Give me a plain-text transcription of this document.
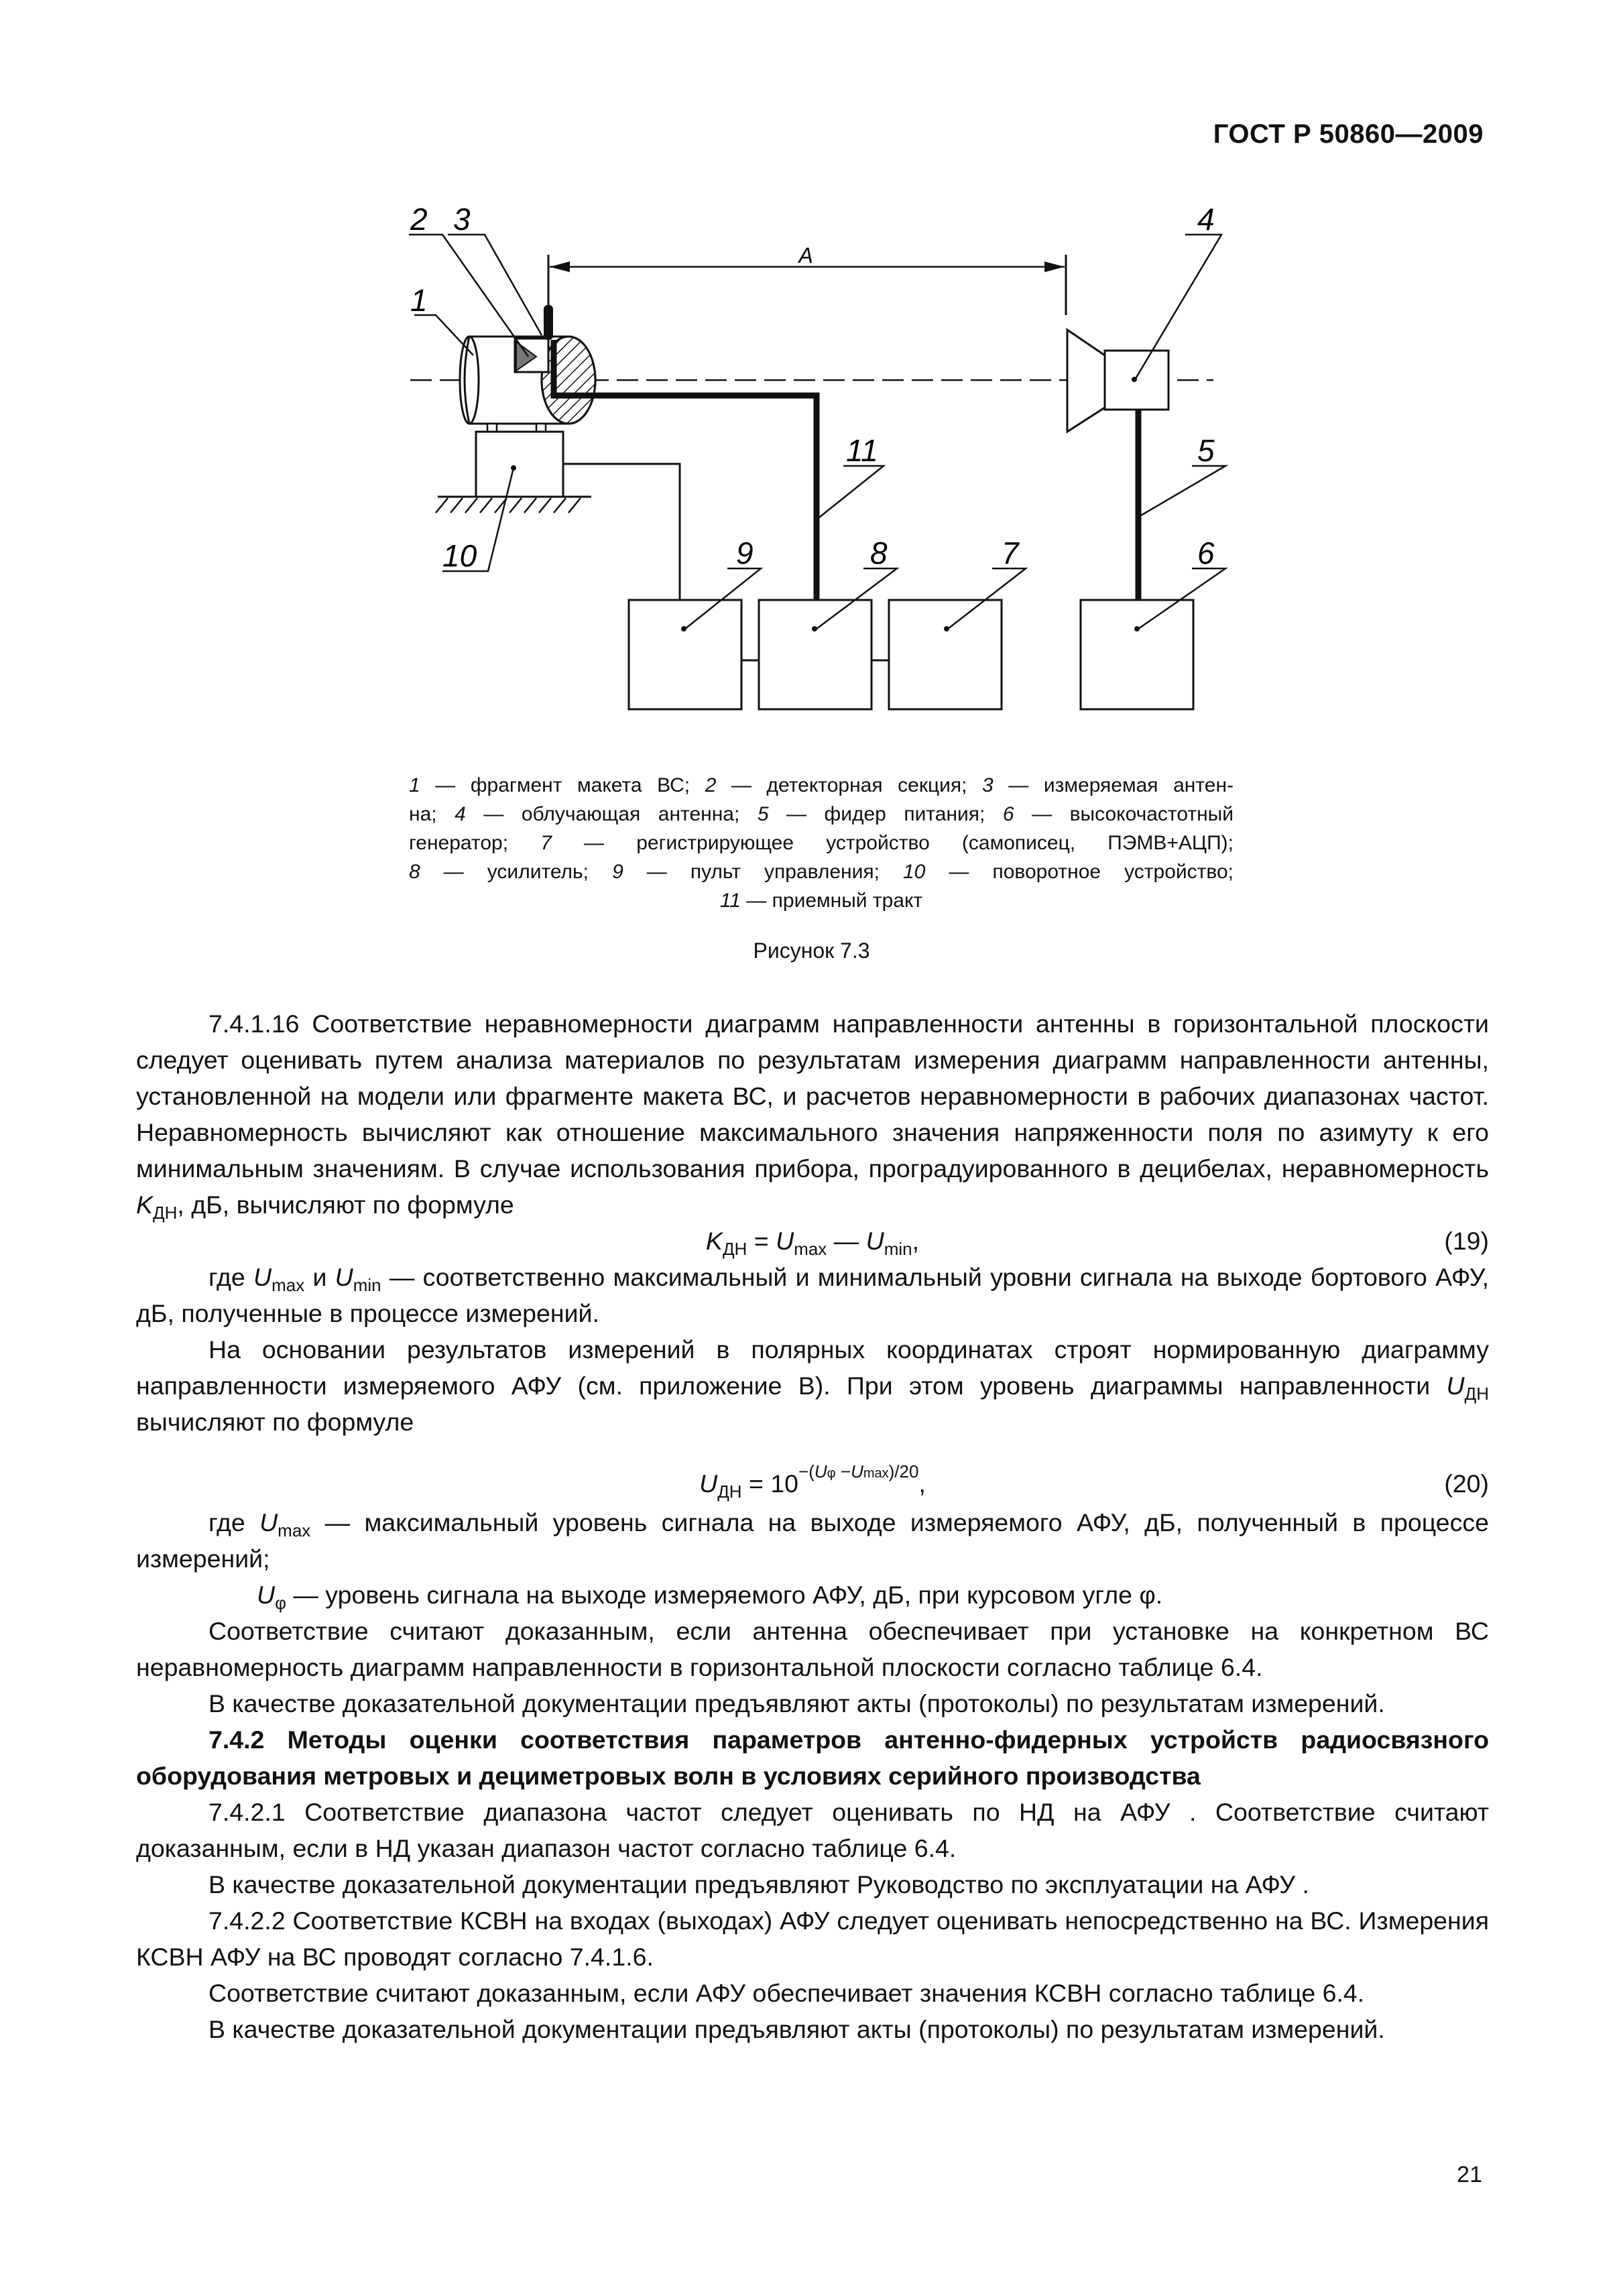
ГОСТ Р 50860—2009
A
2 3
1
4
5
11
9	8	7	6
10
1 — фрагмент макета ВС; 2 — детекторная секция; 3 — измеряемая антен-
на; 4 — облучающая антенна; 5 — фидер питания; 6 — высокочастотный
генератор; 7 — регистрирующее устройство (самописец, ПЭМВ+АЦП);
8 — усилитель; 9 — пульт управления; 10 — поворотное устройство;
11 — приемный тракт
Рисунок 7.3

7.4.1.16 Соответствие неравномерности диаграмм направленности антенны в горизонтальной плоскости следует оценивать путем анализа материалов по результатам измерения диаграмм направленности антенны, установленной на модели или фрагменте макета ВС, и расчетов неравномерности в рабочих диапазонах частот. Неравномерность вычисляют как отношение максимального значения напряженности поля по азимуту к его минимальным значениям. В случае использования прибора, проградуированного в децибелах, неравномерность $K_{ДН}$, дБ, вычисляют по формуле

$K_{ДН} = U_{max}$ — $U_{min}$,	(19)

где $U_{max}$ и $U_{min}$ — соответственно максимальный и минимальный уровни сигнала на выходе бортового АФУ, дБ, полученные в процессе измерений.

На основании результатов измерений в полярных координатах строят нормированную диаграмму направленности измеряемого АФУ (см. приложение В). При этом уровень диаграммы направленности $U_{ДН}$ вычисляют по формуле

$U_{ДН} = 10^{-(U\varphi -Umax)/20}$,	(20)

где $U_{max}$ — максимальный уровень сигнала на выходе измеряемого АФУ, дБ, полученный в процессе измерений;

$U_\varphi$ — уровень сигнала на выходе измеряемого АФУ, дБ, при курсовом угле φ.

Соответствие считают доказанным, если антенна обеспечивает при установке на конкретном ВС неравномерность диаграмм направленности в горизонтальной плоскости согласно таблице 6.4.

В качестве доказательной документации предъявляют акты (протоколы) по результатам измерений.

7.4.2 Методы оценки соответствия параметров антенно-фидерных устройств радиосвязного оборудования метровых и дециметровых волн в условиях серийного производства

7.4.2.1 Соответствие диапазона частот следует оценивать по НД на АФУ . Соответствие считают доказанным, если в НД указан диапазон частот согласно таблице 6.4.

В качестве доказательной документации предъявляют Руководство по эксплуатации на АФУ .

7.4.2.2 Соответствие КСВН на входах (выходах) АФУ следует оценивать непосредственно на ВС. Измерения КСВН АФУ на ВС проводят согласно 7.4.1.6.

Соответствие считают доказанным, если АФУ обеспечивает значения КСВН согласно таблице 6.4.

В качестве доказательной документации предъявляют акты (протоколы) по результатам измерений.

21
